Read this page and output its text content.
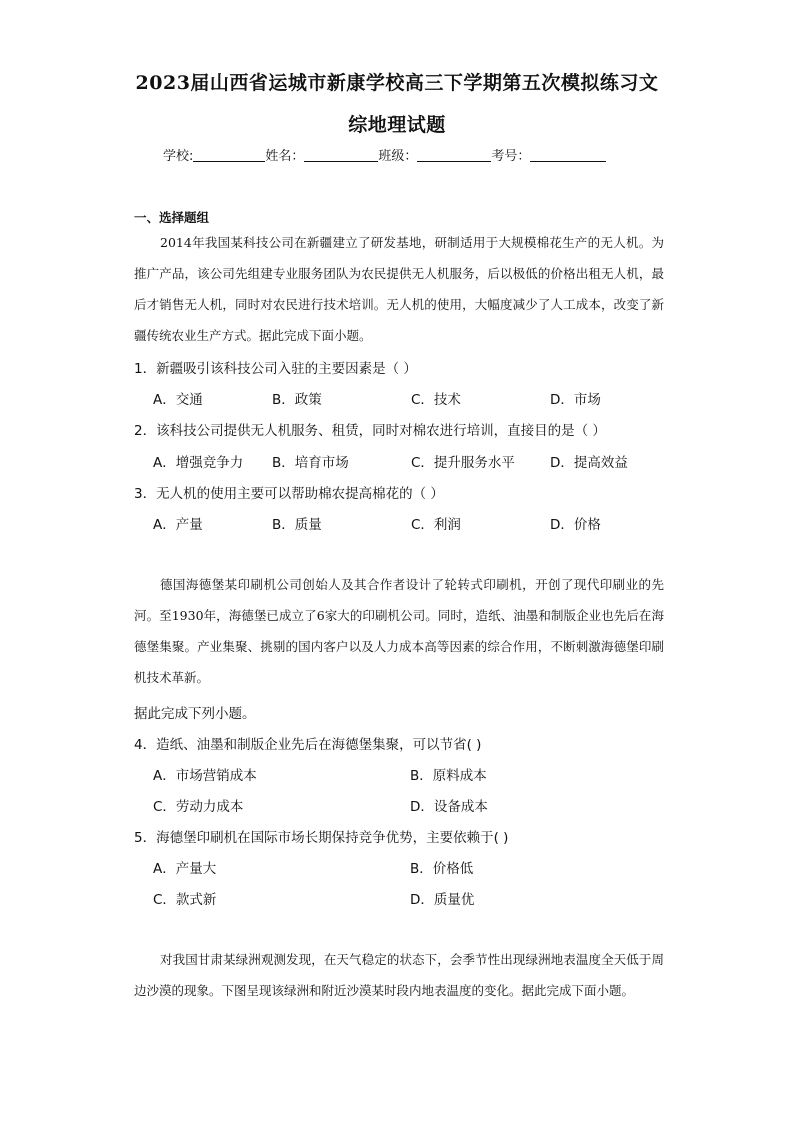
2023届山西省运城市新康学校高三下学期第五次模拟练习文
综地理试题
学校:	姓名：	班级：	考号：
一、选择题组
2014年我国某科技公司在新疆建立了研发基地，研制适用于大规模棉花生产的无人机。为推广产品，该公司先组建专业服务团队为农民提供无人机服务，后以极低的价格出租无人机，最后才销售无人机，同时对农民进行技术培训。无人机的使用，大幅度减少了人工成本，改变了新疆传统农业生产方式。据此完成下面小题。
1．新疆吸引该科技公司入驻的主要因素是（ ）
A．交通	B．政策	C．技术	D．市场
2．该科技公司提供无人机服务、租赁，同时对棉农进行培训，直接目的是（ ）
A．增强竞争力 B．培育市场	C．提升服务水平	D．提高效益
3．无人机的使用主要可以帮助棉农提高棉花的（ ）
A．产量	B．质量	C．利润	D．价格
德国海德堡某印刷机公司创始人及其合作者设计了轮转式印刷机，开创了现代印刷业的先河。至1930年，海德堡已成立了6家大的印刷机公司。同时，造纸、油墨和制版企业也先后在海德堡集聚。产业集聚、挑剔的国内客户以及人力成本高等因素的综合作用，不断刺激海德堡印刷机技术革新。
据此完成下列小题。
4．造纸、油墨和制版企业先后在海德堡集聚，可以节省( )
A．市场营销成本	B．原料成本
C．劳动力成本	D．设备成本
5．海德堡印刷机在国际市场长期保持竞争优势，主要依赖于( )
A．产量大	B．价格低
C．款式新	D．质量优
对我国甘肃某绿洲观测发现，在天气稳定的状态下，会季节性出现绿洲地表温度全天低于周边沙漠的现象。下图呈现该绿洲和附近沙漠某时段内地表温度的变化。据此完成下面小题。
